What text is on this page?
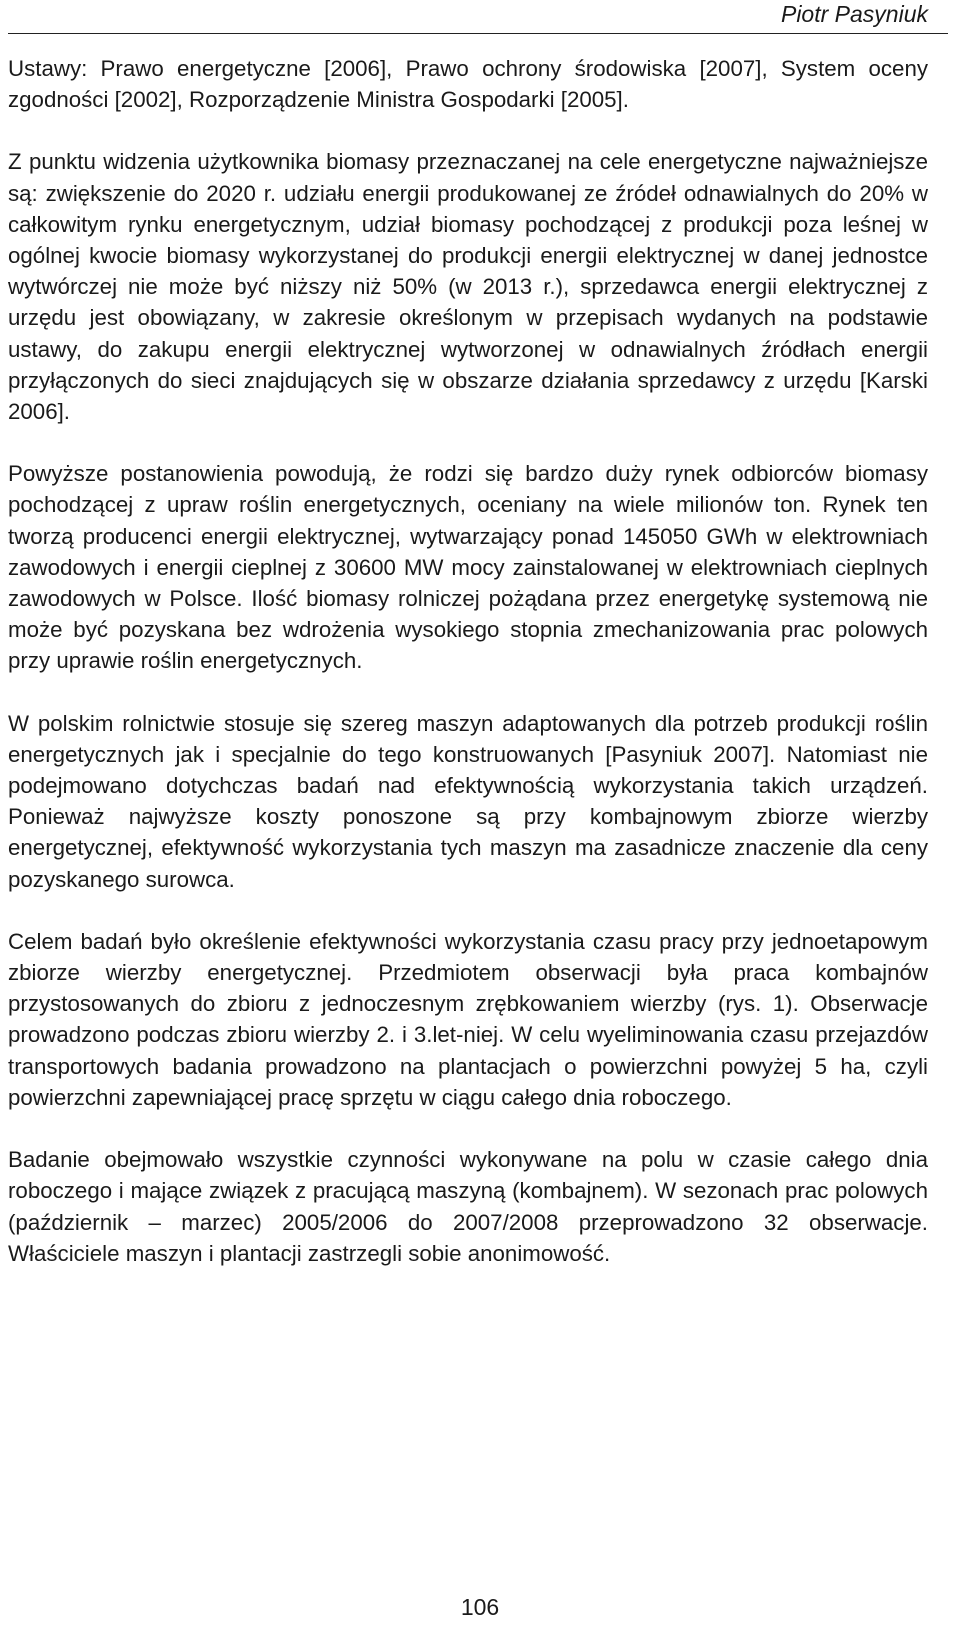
Piotr Pasyniuk

Ustawy: Prawo energetyczne [2006], Prawo ochrony środowiska [2007], System oceny zgodności [2002], Rozporządzenie Ministra Gospodarki [2005].

Z punktu widzenia użytkownika biomasy przeznaczanej na cele energetyczne najważniejsze są: zwiększenie do 2020 r. udziału energii produkowanej ze źródeł odnawialnych do 20% w całkowitym rynku energetycznym, udział biomasy pochodzącej z produkcji poza leśnej w ogólnej kwocie biomasy wykorzystanej do produkcji energii elektrycznej w danej jednostce wytwórczej nie może być niższy niż 50% (w 2013 r.), sprzedawca energii elektrycznej z urzędu jest obowiązany, w zakresie określonym w przepisach wydanych na podstawie ustawy, do zakupu energii elektrycznej wytworzonej w odnawialnych źródłach energii przyłączonych do sieci znajdujących się w obszarze działania sprzedawcy z urzędu [Karski 2006].

Powyższe postanowienia powodują, że rodzi się bardzo duży rynek odbiorców biomasy pochodzącej z upraw roślin energetycznych, oceniany na wiele milionów ton. Rynek ten tworzą producenci energii elektrycznej, wytwarzający ponad 145050 GWh w elektrowniach zawodowych i energii cieplnej z 30600 MW mocy zainstalowanej w elektrowniach cieplnych zawodowych w Polsce. Ilość biomasy rolniczej pożądana przez energetykę systemową nie może być pozyskana bez wdrożenia wysokiego stopnia zmechanizowania prac polowych przy uprawie roślin energetycznych.

W polskim rolnictwie stosuje się szereg maszyn adaptowanych dla potrzeb produkcji roślin energetycznych jak i specjalnie do tego konstruowanych [Pasyniuk 2007]. Natomiast nie podejmowano dotychczas badań nad efektywnością wykorzystania takich urządzeń. Ponieważ najwyższe koszty ponoszone są przy kombajnowym zbiorze wierzby energetycznej, efektywność wykorzystania tych maszyn ma zasadnicze znaczenie dla ceny pozyskanego surowca.

Celem badań było określenie efektywności wykorzystania czasu pracy przy jednoetapowym zbiorze wierzby energetycznej. Przedmiotem obserwacji była praca kombajnów przystosowanych do zbioru z jednoczesnym zrębkowaniem wierzby (rys. 1). Obserwacje prowadzono podczas zbioru wierzby 2. i 3.let-niej. W celu wyeliminowania czasu przejazdów transportowych badania prowadzono na plantacjach o powierzchni powyżej 5 ha, czyli powierzchni zapewniającej pracę sprzętu w ciągu całego dnia roboczego.

Badanie obejmowało wszystkie czynności wykonywane na polu w czasie całego dnia roboczego i mające związek z pracującą maszyną (kombajnem). W sezonach prac polowych (październik – marzec) 2005/2006 do 2007/2008 przeprowadzono 32 obserwacje. Właściciele maszyn i plantacji zastrzegli sobie anonimowość.

106
